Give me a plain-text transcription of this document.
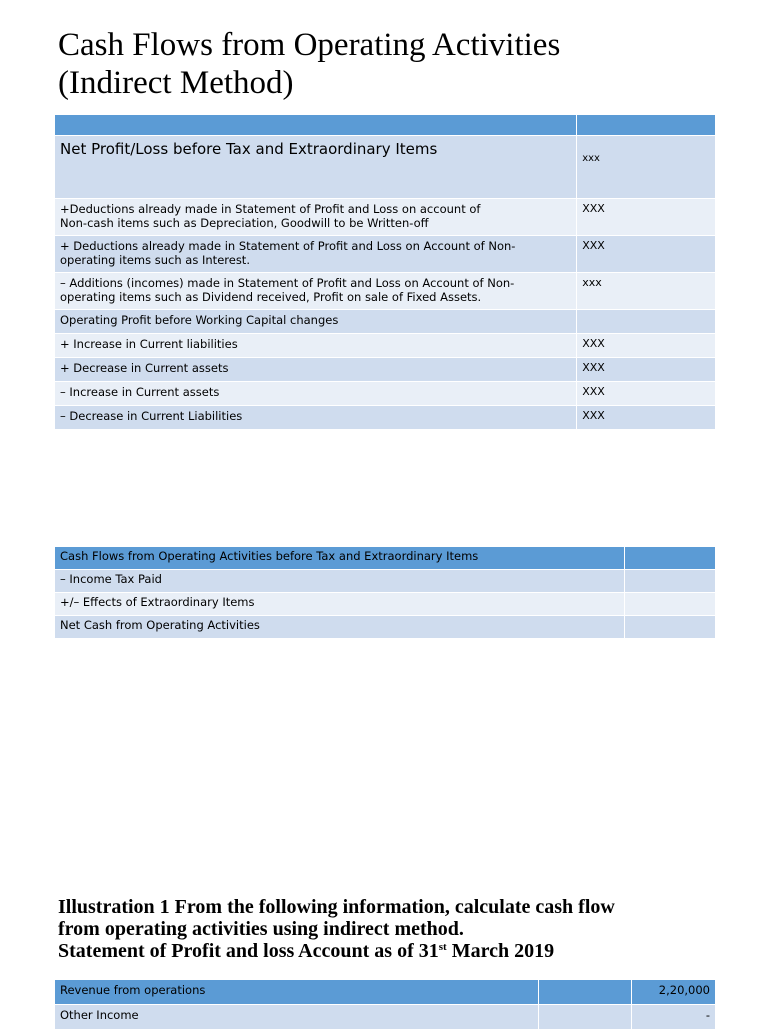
Cash Flows from Operating Activities
(Indirect Method)

Net Profit/Loss before Tax and Extraordinary Items	xxx
+Deductions already made in Statement of Profit and Loss on account of
Non-cash items such as Depreciation, Goodwill to be Written-off	XXX
+ Deductions already made in Statement of Profit and Loss on Account of Non-
operating items such as Interest.	XXX
– Additions (incomes) made in Statement of Profit and Loss on Account of Non-
operating items such as Dividend received, Profit on sale of Fixed Assets.	xxx
Operating Profit before Working Capital changes	
+ Increase in Current liabilities	XXX
+ Decrease in Current assets	XXX
– Increase in Current assets	XXX
– Decrease in Current Liabilities	XXX
Cash Flows from Operating Activities before Tax and Extraordinary Items	
– Income Tax Paid	
+/– Effects of Extraordinary Items	
Net Cash from Operating Activities	

Illustration 1 From the following information, calculate cash flow
from operating activities using indirect method.
Statement of Profit and loss Account as of 31st March 2019

Revenue from operations		2,20,000
Other Income		-
